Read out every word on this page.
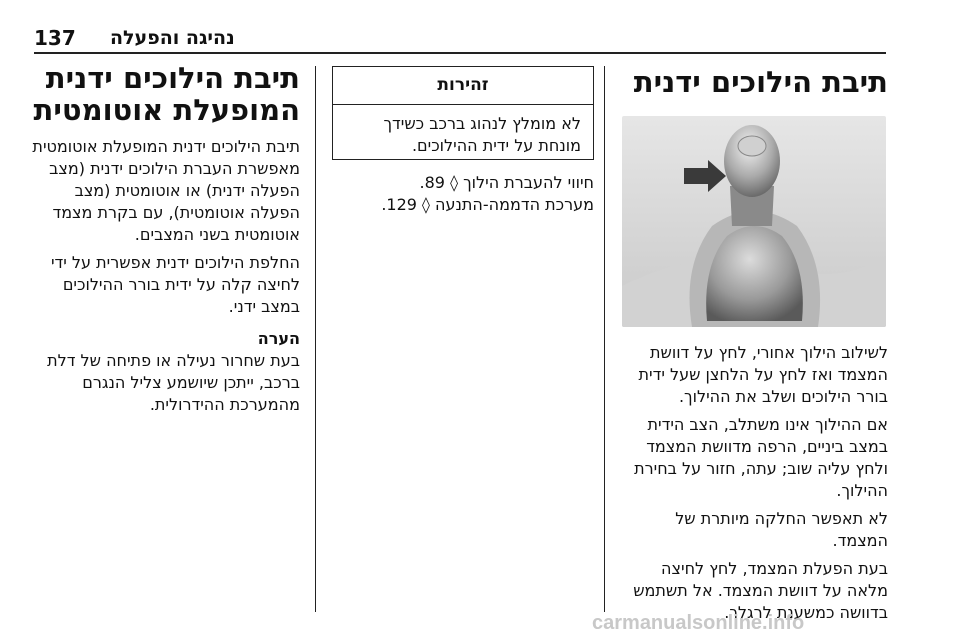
137 נהיגה והפעלה
תיבת הילוכים ידנית

לשילוב הילוך אחורי, לחץ על דוושת המצמד ואז לחץ על הלחצן שעל ידית בורר הילוכים ושלב את ההילוך.

אם ההילוך אינו משתלב, הצב הידית במצב ביניים, הרפה מדוושת המצמד ולחץ עליה שוב; עתה, חזור על בחירת ההילוך.

לא תאפשר החלקה מיותרת של המצמד.

בעת הפעלת המצמד, לחץ לחיצה מלאה על דוושת המצמד. אל תשתמש בדוושה כמשענת לרגלך.

זהירות
לא מומלץ לנהוג ברכב כשידך מונחת על ידית ההילוכים.
חיווי להעברת הילוך ◊ 89.
מערכת הדממה-התנעה ◊ 129.
תיבת הילוכים ידנית
המופעלת אוטומטית

תיבת הילוכים ידנית המופעלת אוטומטית מאפשרת העברת הילוכים ידנית (מצב הפעלה ידנית) או אוטומטית (מצב הפעלה אוטומטית), עם בקרת מצמד אוטומטית בשני המצבים.

החלפת הילוכים ידנית אפשרית על ידי לחיצה קלה על ידית בורר ההילוכים במצב ידני.

הערה

בעת שחרור נעילה או פתיחה של דלת ברכב, ייתכן שיושמע צליל הנגרם מהמערכת ההידרולית.

carmanualsonline.info
